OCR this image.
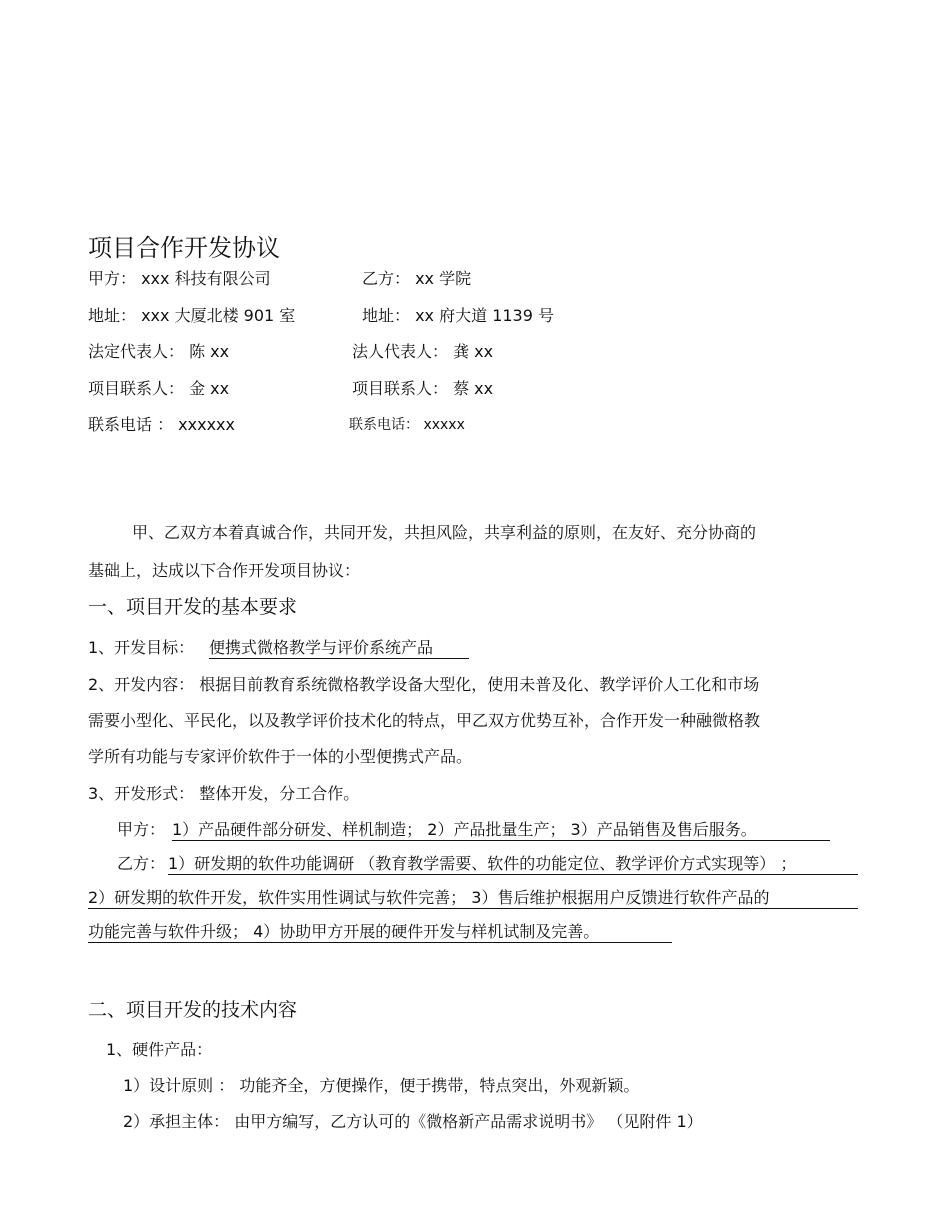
项目合作开发协议
甲方： xxx 科技有限公司
地址： xxx 大厦北楼 901 室
法定代表人： 陈 xx
项目联系人： 金 xx
联系电话 ： xxxxxx
乙方： xx 学院
地址： xx 府大道 1139 号
法人代表人： 龚 xx
项目联系人： 蔡 xx
联系电话： xxxxx
甲、乙双方本着真诚合作，共同开发，共担风险，共享利益的原则，在友好、充分协商的
基础上，达成以下合作开发项目协议：
一、项目开发的基本要求
1、开发目标： 便携式微格教学与评价系统产品
2、开发内容： 根据目前教育系统微格教学设备大型化，使用未普及化、教学评价人工化和市场
需要小型化、平民化，以及教学评价技术化的特点，甲乙双方优势互补，合作开发一种融微格教
学所有功能与专家评价软件于一体的小型便携式产品。
3、开发形式： 整体开发，分工合作。
甲方： 1）产品硬件部分研发、样机制造； 2）产品批量生产； 3）产品销售及售后服务。
乙方： 1）研发期的软件功能调研 （教育教学需要、软件的功能定位、教学评价方式实现等） ；
2）研发期的软件开发，软件实用性调试与软件完善； 3）售后维护根据用户反馈进行软件产品的
功能完善与软件升级； 4）协助甲方开展的硬件开发与样机试制及完善。
二、项目开发的技术内容
1、硬件产品：
1）设计原则 ： 功能齐全，方便操作，便于携带，特点突出，外观新颖。
2）承担主体： 由甲方编写，乙方认可的《微格新产品需求说明书》 （见附件 1）
